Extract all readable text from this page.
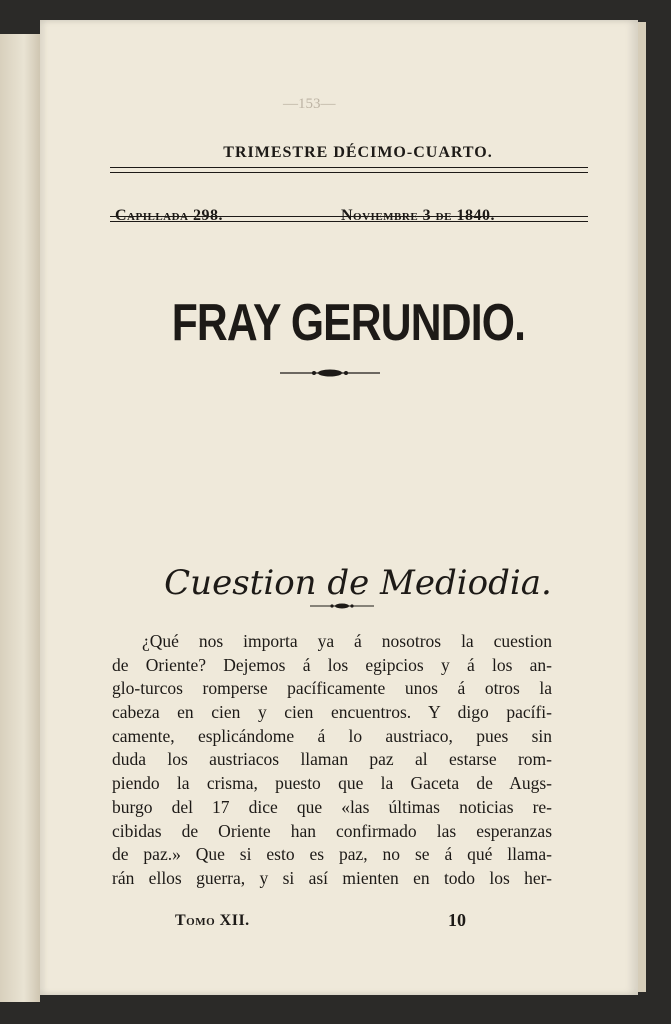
—153—
TRIMESTRE DÉCIMO-CUARTO.
Capillada 298.	Noviembre 3 de 1840.
FRAY GERUNDIO.
Cuestion de Mediodia.
¿Qué nos importa ya á nosotros la cuestion
de Oriente? Dejemos á los egipcios y á los an-
glo-turcos romperse pacíficamente unos á otros la
cabeza en cien y cien encuentros. Y digo pacífi-
camente, esplicándome á lo austriaco, pues sin
duda los austriacos llaman paz al estarse rom-
piendo la crisma, puesto que la Gaceta de Augs-
burgo del 17 dice que «las últimas noticias re-
cibidas de Oriente han confirmado las esperanzas
de paz.» Que si esto es paz, no se á qué llama-
rán ellos guerra, y si así mienten en todo los her-
Tomo XII.	10
